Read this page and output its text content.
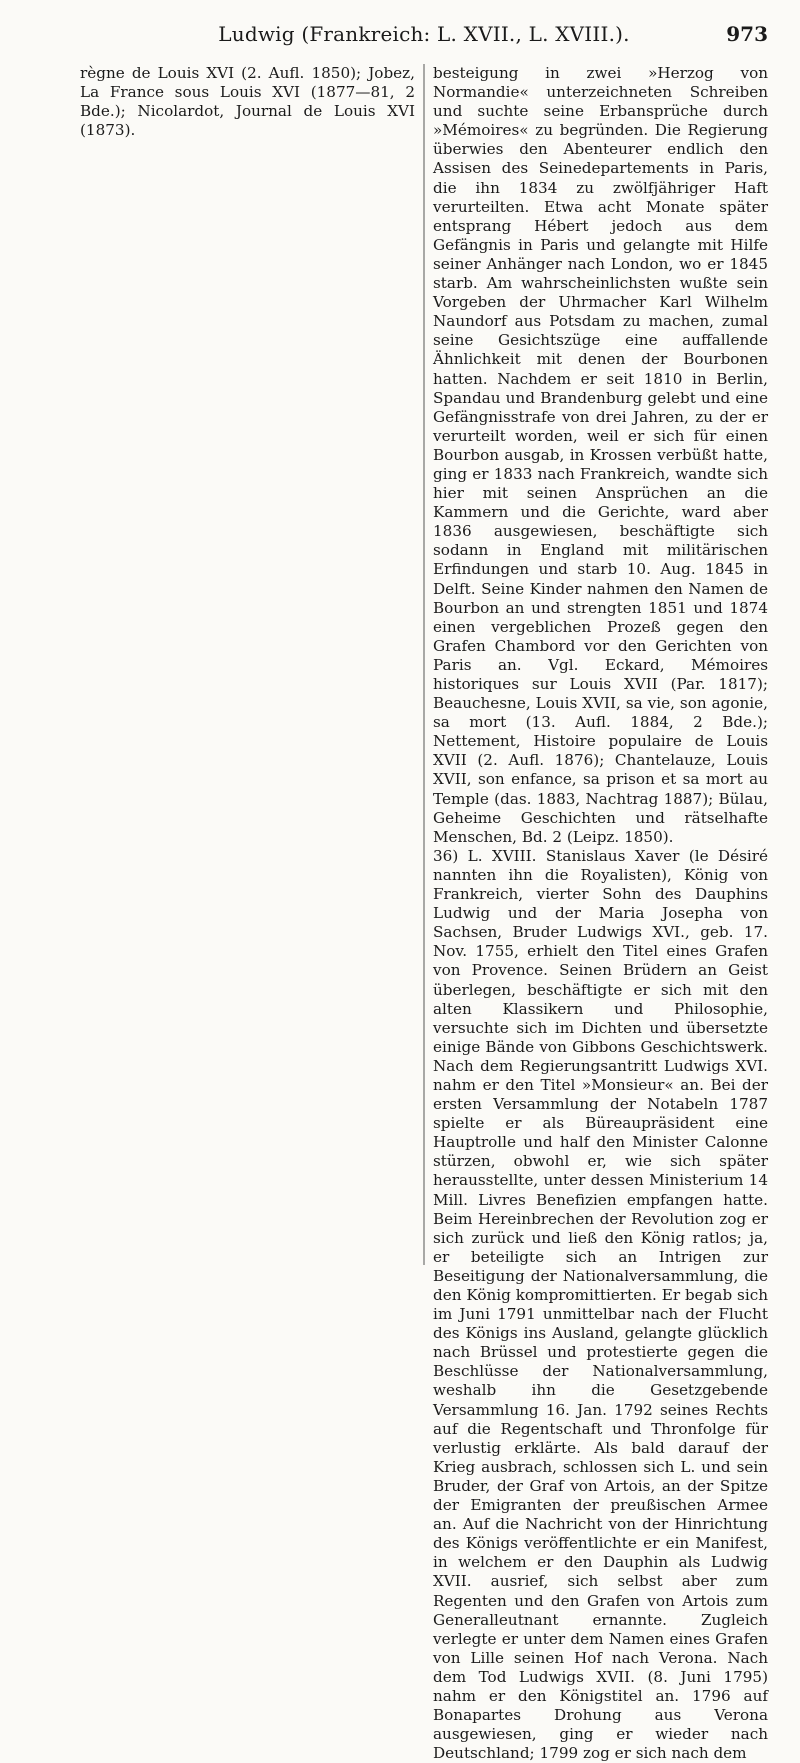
Ludwig (Frankreich: L. XVII., L. XVIII.).	973

règne de Louis XVI (2. Aufl. 1850); Jobez, La France sous Louis XVI (1877—81, 2 Bde.); Nicolardot, Journal de Louis XVI (1873).

besteigung in zwei »Herzog von Normandie« unterzeichneten Schreiben und suchte seine Erbansprüche durch »Mémoires« zu begründen. Die Regierung überwies den Abenteurer endlich den Assisen des Seinedepartements in Paris, die ihn 1834 zu zwölfjähriger Haft verurteilten. Etwa acht Monate später entsprang Hébert jedoch aus dem Gefängnis in Paris und gelangte mit Hilfe seiner Anhänger nach London, wo er 1845 starb. Am wahrscheinlichsten wußte sein Vorgeben der Uhrmacher Karl Wilhelm Naundorf aus Potsdam zu machen, zumal seine Gesichtszüge eine auffallende Ähnlichkeit mit denen der Bourbonen hatten. Nachdem er seit 1810 in Berlin, Spandau und Brandenburg gelebt und eine Gefängnisstrafe von drei Jahren, zu der er verurteilt worden, weil er sich für einen Bourbon ausgab, in Krossen verbüßt hatte, ging er 1833 nach Frankreich, wandte sich hier mit seinen Ansprüchen an die Kammern und die Gerichte, ward aber 1836 ausgewiesen, beschäftigte sich sodann in England mit militärischen Erfindungen und starb 10. Aug. 1845 in Delft. Seine Kinder nahmen den Namen de Bourbon an und strengten 1851 und 1874 einen vergeblichen Prozeß gegen den Grafen Chambord vor den Gerichten von Paris an. Vgl. Eckard, Mémoires historiques sur Louis XVII (Par. 1817); Beauchesne, Louis XVII, sa vie, son agonie, sa mort (13. Aufl. 1884, 2 Bde.); Nettement, Histoire populaire de Louis XVII (2. Aufl. 1876); Chantelauze, Louis XVII, son enfance, sa prison et sa mort au Temple (das. 1883, Nachtrag 1887); Bülau, Geheime Geschichten und rätselhafte Menschen, Bd. 2 (Leipz. 1850).

36) L. XVIII. Stanislaus Xaver (le Désiré nannten ihn die Royalisten), König von Frankreich, vierter Sohn des Dauphins Ludwig und der Maria Josepha von Sachsen, Bruder Ludwigs XVI., geb. 17. Nov. 1755, erhielt den Titel eines Grafen von Provence. Seinen Brüdern an Geist überlegen, beschäftigte er sich mit den alten Klassikern und Philosophie, versuchte sich im Dichten und übersetzte einige Bände von Gibbons Geschichtswerk. Nach dem Regierungsantritt Ludwigs XVI. nahm er den Titel »Monsieur« an. Bei der ersten Versammlung der Notabeln 1787 spielte er als Büreaupräsident eine Hauptrolle und half den Minister Calonne stürzen, obwohl er, wie sich später herausstellte, unter dessen Ministerium 14 Mill. Livres Benefizien empfangen hatte. Beim Hereinbrechen der Revolution zog er sich zurück und ließ den König ratlos; ja, er beteiligte sich an Intrigen zur Beseitigung der Nationalversammlung, die den König kompromittierten. Er begab sich im Juni 1791 unmittelbar nach der Flucht des Königs ins Ausland, gelangte glücklich nach Brüssel und protestierte gegen die Beschlüsse der Nationalversammlung, weshalb ihn die Gesetzgebende Versammlung 16. Jan. 1792 seines Rechts auf die Regentschaft und Thronfolge für verlustig erklärte. Als bald darauf der Krieg ausbrach, schlossen sich L. und sein Bruder, der Graf von Artois, an der Spitze der Emigranten der preußischen Armee an. Auf die Nachricht von der Hinrichtung des Königs veröffentlichte er ein Manifest, in welchem er den Dauphin als Ludwig XVII. ausrief, sich selbst aber zum Regenten und den Grafen von Artois zum Generalleutnant ernannte. Zugleich verlegte er unter dem Namen eines Grafen von Lille seinen Hof nach Verona. Nach dem Tod Ludwigs XVII. (8. Juni 1795) nahm er den Königstitel an. 1796 auf Bonapartes Drohung aus Verona ausgewiesen, ging er wieder nach Deutschland; 1799 zog er sich nach dem
